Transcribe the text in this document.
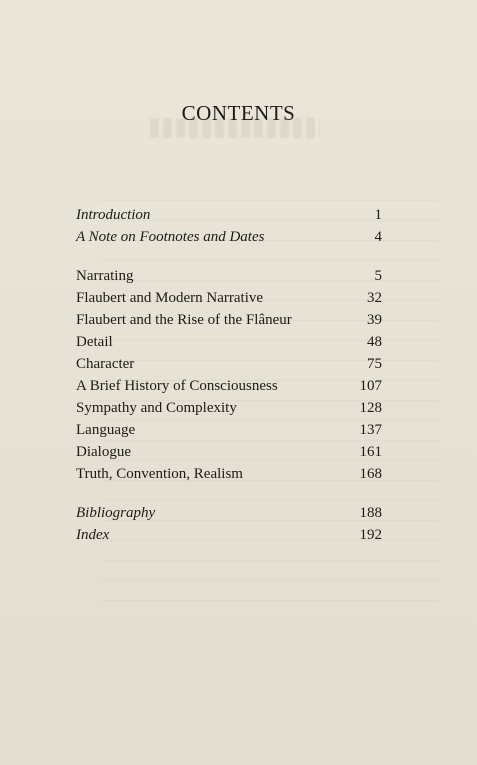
CONTENTS
Introduction	1
A Note on Footnotes and Dates	4
Narrating	5
Flaubert and Modern Narrative	32
Flaubert and the Rise of the Flâneur	39
Detail	48
Character	75
A Brief History of Consciousness	107
Sympathy and Complexity	128
Language	137
Dialogue	161
Truth, Convention, Realism	168
Bibliography	188
Index	192
